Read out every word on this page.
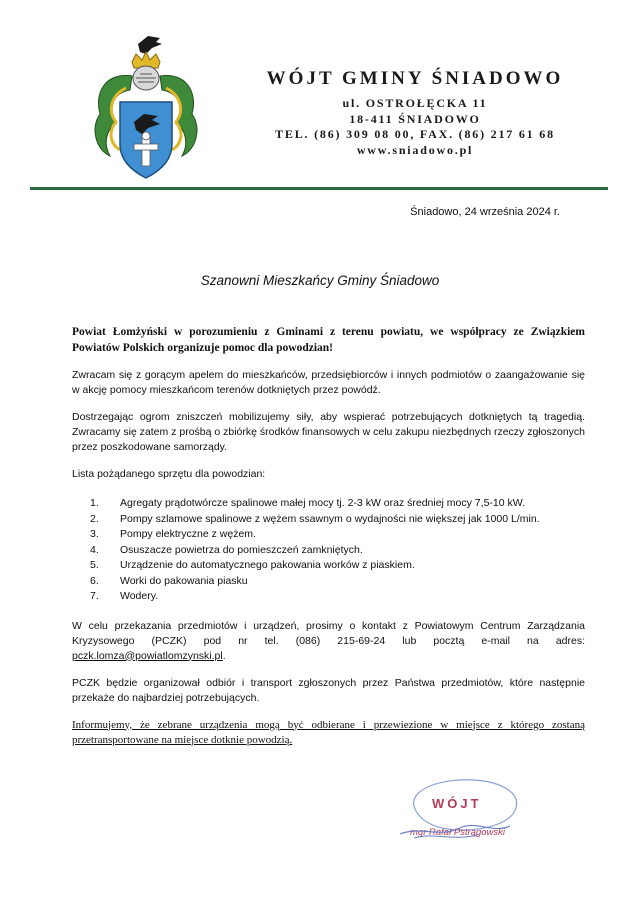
WÓJT GMINY ŚNIADOWO
ul. OSTROŁĘCKA 11
18-411 ŚNIADOWO
TEL. (86) 309 08 00, FAX. (86) 217 61 68
www.sniadowo.pl
Śniadowo, 24 września 2024 r.
Szanowni Mieszkańcy Gminy Śniadowo

Powiat Łomżyński w porozumieniu z Gminami z terenu powiatu, we współpracy ze Związkiem Powiatów Polskich organizuje pomoc dla powodzian!

Zwracam się z gorącym apelem do mieszkańców, przedsiębiorców i innych podmiotów o zaangażowanie się w akcję pomocy mieszkańcom terenów dotkniętych przez powódź.

Dostrzegając ogrom zniszczeń mobilizujemy siły, aby wspierać potrzebujących dotkniętych tą tragedią. Zwracamy się zatem z prośbą o zbiórkę środków finansowych w celu zakupu niezbędnych rzeczy zgłoszonych przez poszkodowane samorządy.

Lista pożądanego sprzętu dla powodzian:

1.	Agregaty prądotwórcze spalinowe małej mocy tj. 2-3 kW oraz średniej mocy 7,5-10 kW.
2.	Pompy szlamowe spalinowe z wężem ssawnym o wydajności nie większej jak 1000 L/min.
3.	Pompy elektryczne z wężem.
4.	Osuszacze powietrza do pomieszczeń zamkniętych.
5.	Urządzenie do automatycznego pakowania worków z piaskiem.
6.	Worki do pakowania piasku
7.	Wodery.

W celu przekazania przedmiotów i urządzeń, prosimy o kontakt z Powiatowym Centrum Zarządzania Kryzysowego (PCZK) pod nr tel. (086) 215-69-24 lub pocztą e-mail na adres: pczk.lomza@powiatlomzynski.pl.

PCZK będzie organizował odbiór i transport zgłoszonych przez Państwa przedmiotów, które następnie przekaże do najbardziej potrzebujących.

Informujemy, że zebrane urządzenia mogą być odbierane i przewiezione w miejsce z którego zostaną przetransportowane na miejsce dotknie powodzią.

WÓJT
mgr Rafał Pstrągowski
